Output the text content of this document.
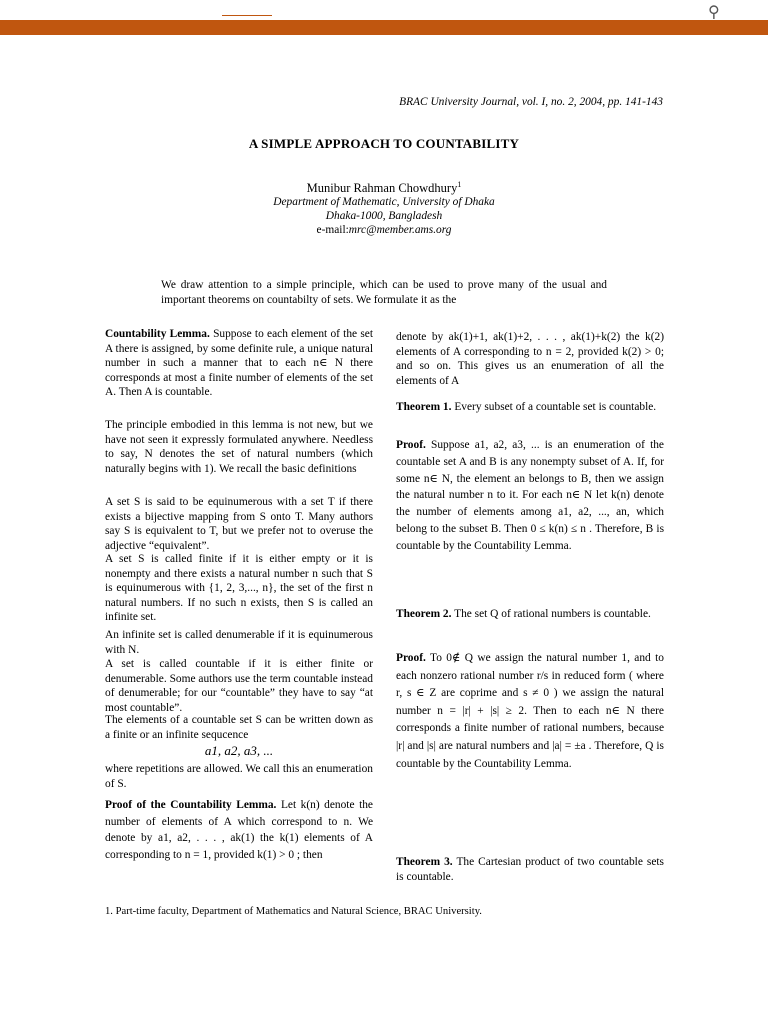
⚲
BRAC University Journal, vol. I, no. 2, 2004, pp. 141-143
A SIMPLE APPROACH TO COUNTABILITY
Munibur Rahman Chowdhury$^1$
Department of Mathematic, University of Dhaka
Dhaka-1000, Bangladesh
e-mail:mrc@member.ams.org

We draw attention to a simple principle, which can be used to prove many of the usual and important theorems on countabilty of sets. We formulate it as the

Countability Lemma. Suppose to each element of the set A there is assigned, by some definite rule, a unique natural number in such a manner that to each n∈ N there corresponds at most a finite number of elements of the set A. Then A is countable.

The principle embodied in this lemma is not new, but we have not seen it expressly formulated anywhere. Needless to say, N denotes the set of natural numbers (which naturally begins with 1). We recall the basic definitions

A set S is said to be equinumerous with a set T if there exists a bijective mapping from S onto T. Many authors say S is equivalent to T, but we prefer not to overuse the adjective “equivalent”.

A set S is called finite if it is either empty or it is nonempty and there exists a natural number n such that S is equinumerous with {1, 2, 3,..., n}, the set of the first n natural numbers. If no such n exists, then S is called an infinite set.

An infinite set is called denumerable if it is equinumerous with N.

A set is called countable if it is either finite or denumerable. Some authors use the term countable instead of denumerable; for our “countable” they have to say “at most countable”.

The elements of a countable set S can be written down as a finite or an infinite sequcence

a1, a2, a3, ...

where repetitions are allowed. We call this an enumeration of S.

Proof of the Countability Lemma. Let k(n) denote the number of elements of A which correspond to n. We denote by a1, a2, . . . , ak(1) the k(1) elements of A corresponding to n = 1, provided k(1) > 0 ; then

denote by ak(1)+1, ak(1)+2, . . . , ak(1)+k(2) the k(2) elements of A corresponding to n = 2, provided k(2) > 0; and so on. This gives us an enumeration of all the elements of A

Theorem 1. Every subset of a countable set is countable.

Proof. Suppose a1, a2, a3, ... is an enumeration of the countable set A and B is any nonempty subset of A. If, for some n∈ N, the element an belongs to B, then we assign the natural number n to it. For each n∈ N let k(n) denote the number of elements among a1, a2, ..., an, which belong to the subset B. Then 0 ≤ k(n) ≤ n . Therefore, B is countable by the Countability Lemma.

Theorem 2. The set Q of rational numbers is countable.

Proof. To 0∉ Q we assign the natural number 1, and to each nonzero rational number r/s in reduced form ( where r, s ∈ Z are coprime and s ≠ 0 ) we assign the natural number n = |r| + |s| ≥ 2. Then to each n∈ N there corresponds a finite number of rational numbers, because |r| and |s| are natural numbers and |a| = ±a . Therefore, Q is countable by the Countability Lemma.

Theorem 3. The Cartesian product of two countable sets is countable.

1. Part-time faculty, Department of Mathematics and Natural Science, BRAC University.
